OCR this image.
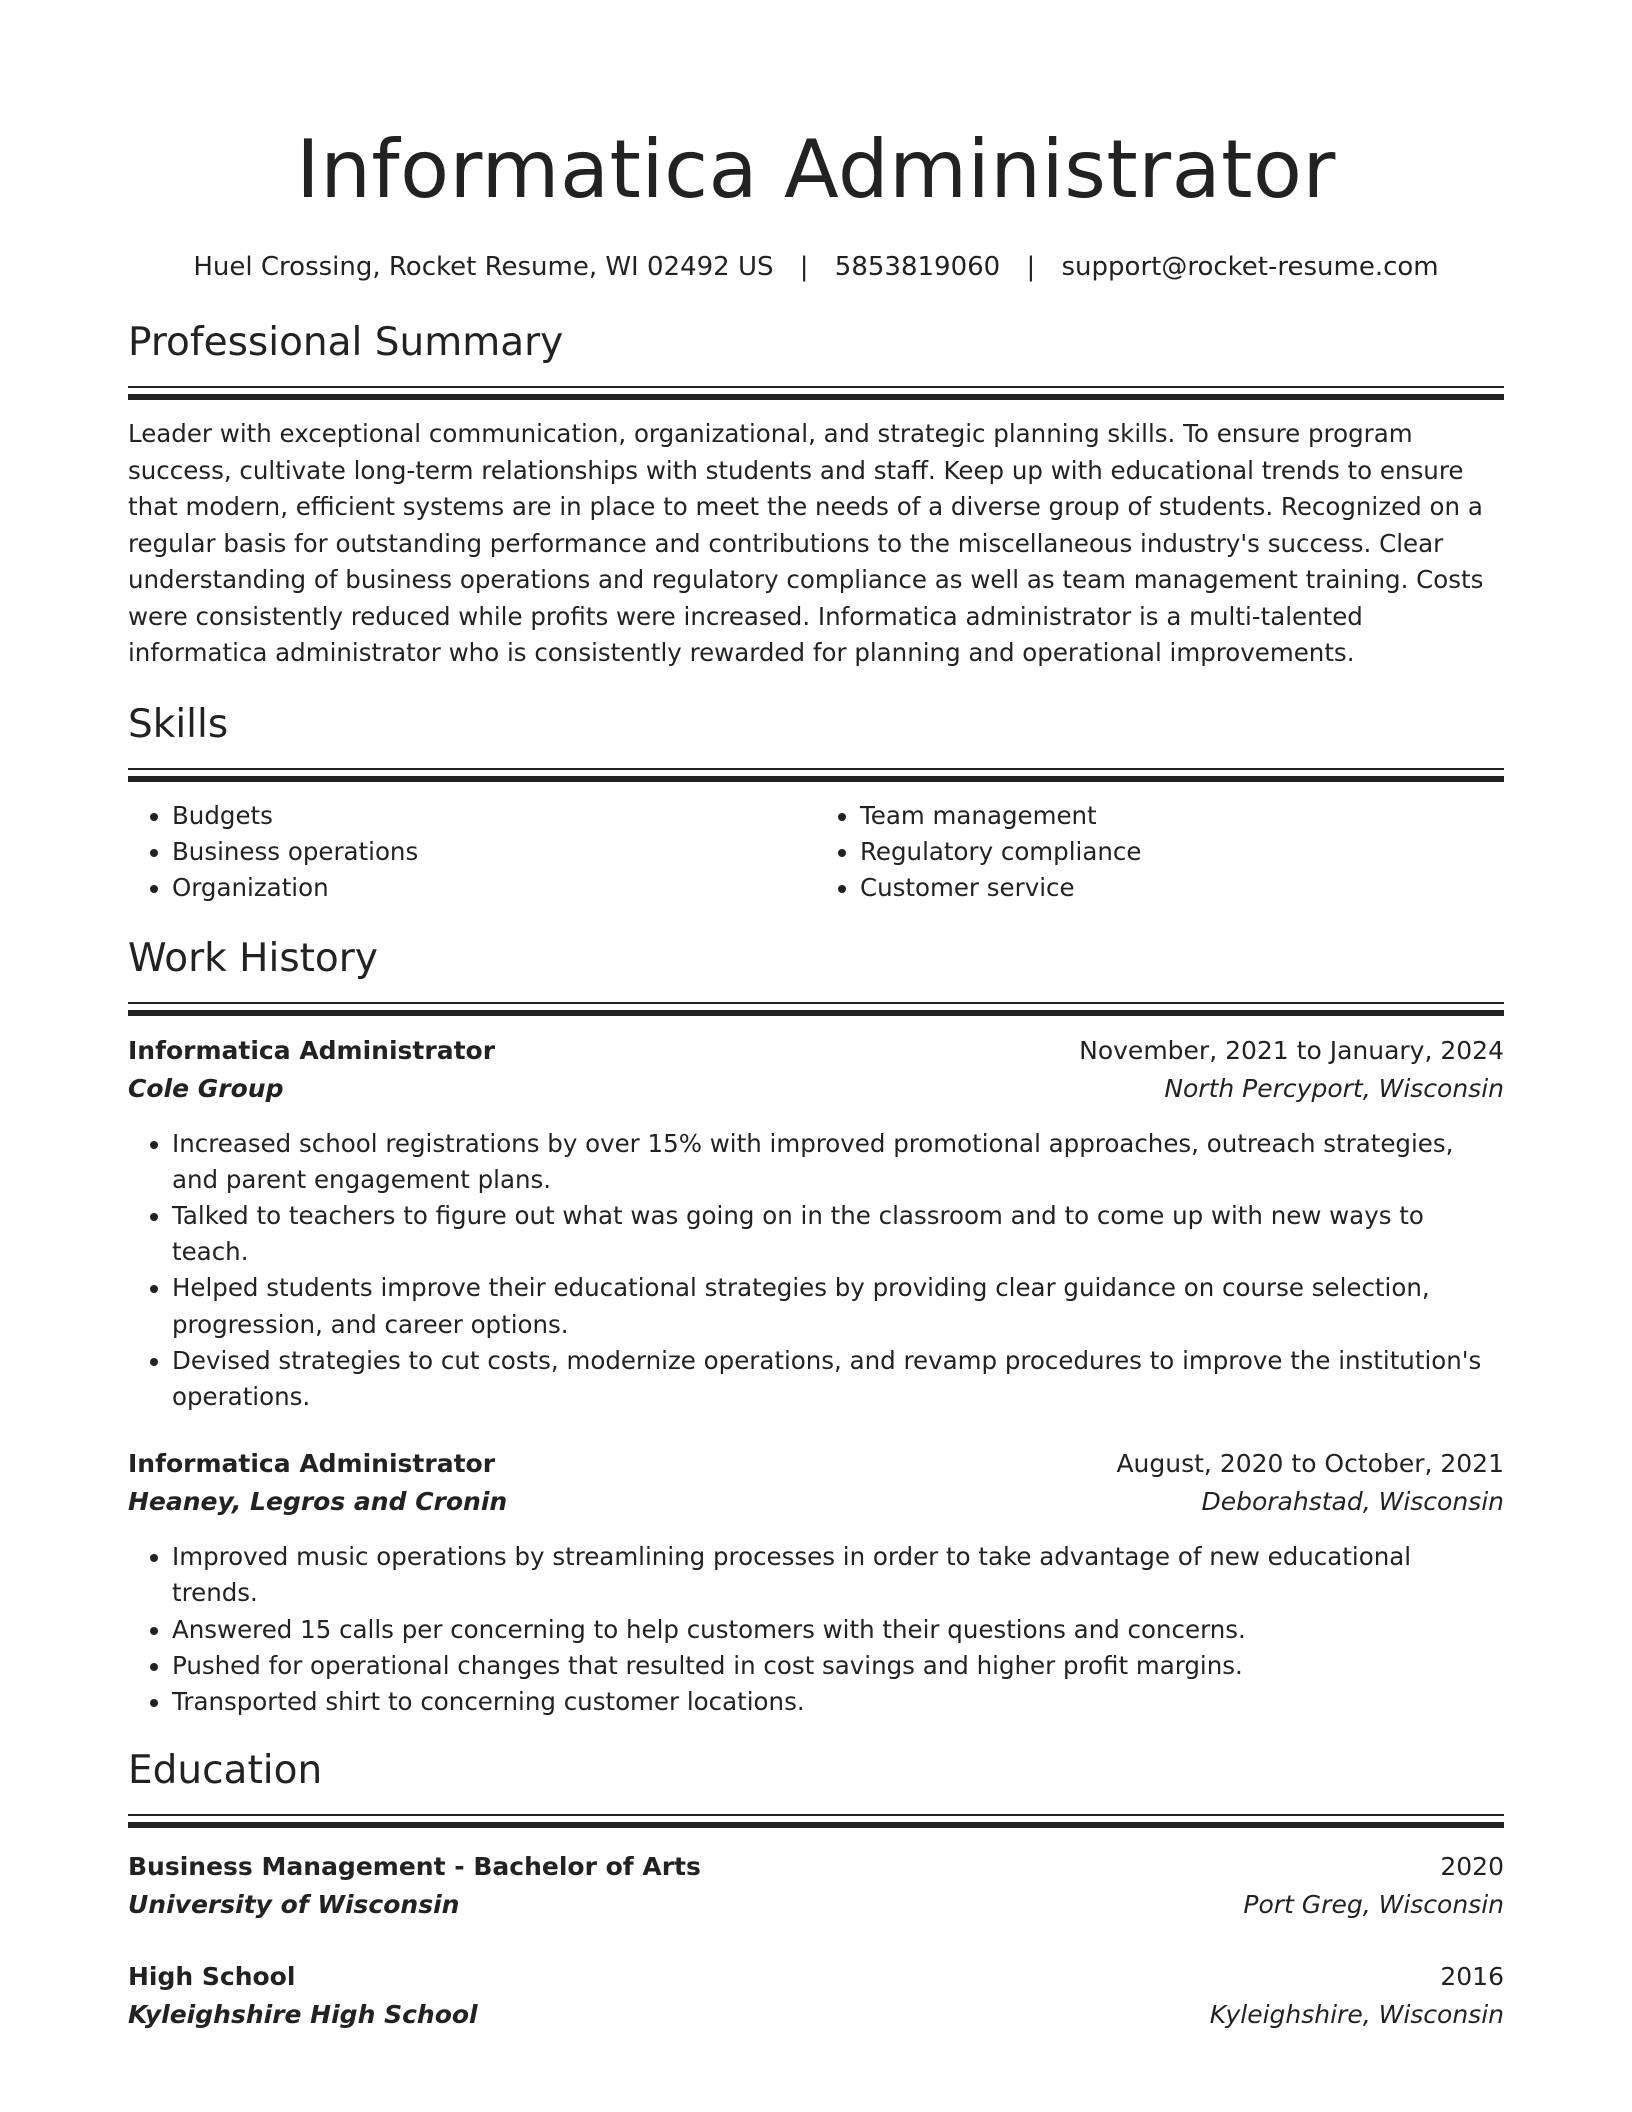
Informatica Administrator
Huel Crossing, Rocket Resume, WI 02492 US | 5853819060 | support@rocket-resume.com
Professional Summary

Leader with exceptional communication, organizational, and strategic planning skills. To ensure program success, cultivate long-term relationships with students and staff. Keep up with educational trends to ensure that modern, efficient systems are in place to meet the needs of a diverse group of students. Recognized on a regular basis for outstanding performance and contributions to the miscellaneous industry's success. Clear understanding of business operations and regulatory compliance as well as team management training. Costs were consistently reduced while profits were increased. Informatica administrator is a multi-talented informatica administrator who is consistently rewarded for planning and operational improvements.

Skills
• Budgets
• Business operations
• Organization
• Team management
• Regulatory compliance
• Customer service
Work History
Informatica Administrator	November, 2021 to January, 2024
Cole Group	North Percyport, Wisconsin
• Increased school registrations by over 15% with improved promotional approaches, outreach strategies, and parent engagement plans.
• Talked to teachers to figure out what was going on in the classroom and to come up with new ways to teach.
• Helped students improve their educational strategies by providing clear guidance on course selection, progression, and career options.
• Devised strategies to cut costs, modernize operations, and revamp procedures to improve the institution's operations.
Informatica Administrator	August, 2020 to October, 2021
Heaney, Legros and Cronin	Deborahstad, Wisconsin
• Improved music operations by streamlining processes in order to take advantage of new educational trends.
• Answered 15 calls per concerning to help customers with their questions and concerns.
• Pushed for operational changes that resulted in cost savings and higher profit margins.
• Transported shirt to concerning customer locations.
Education
Business Management - Bachelor of Arts	2020
University of Wisconsin	Port Greg, Wisconsin
High School	2016
Kyleighshire High School	Kyleighshire, Wisconsin
